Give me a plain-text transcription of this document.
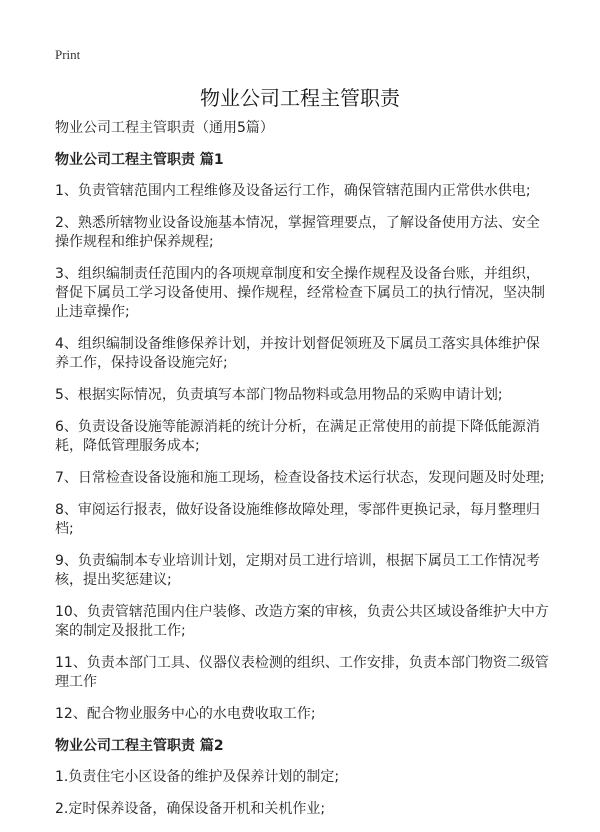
Print
物业公司工程主管职责

物业公司工程主管职责（通用5篇）

物业公司工程主管职责 篇1

1、负责管辖范围内工程维修及设备运行工作，确保管辖范围内正常供水供电;

2、熟悉所辖物业设备设施基本情况，掌握管理要点，了解设备使用方法、安全操作规程和维护保养规程;

3、组织编制责任范围内的各项规章制度和安全操作规程及设备台账，并组织，督促下属员工学习设备使用、操作规程，经常检查下属员工的执行情况，坚决制止违章操作;

4、组织编制设备维修保养计划，并按计划督促领班及下属员工落实具体维护保养工作，保持设备设施完好;

5、根据实际情况，负责填写本部门物品物料或急用物品的采购申请计划;

6、负责设备设施等能源消耗的统计分析，在满足正常使用的前提下降低能源消耗，降低管理服务成本;

7、日常检查设备设施和施工现场，检查设备技术运行状态，发现问题及时处理;

8、审阅运行报表，做好设备设施维修故障处理，零部件更换记录，每月整理归档;

9、负责编制本专业培训计划，定期对员工进行培训，根据下属员工工作情况考核，提出奖惩建议;

10、负责管辖范围内住户装修、改造方案的审核，负责公共区域设备维护大中方案的制定及报批工作;

11、负责本部门工具、仪器仪表检测的组织、工作安排，负责本部门物资二级管理工作

12、配合物业服务中心的水电费收取工作;

物业公司工程主管职责 篇2

1.负责住宅小区设备的维护及保养计划的制定;

2.定时保养设备，确保设备开机和关机作业;
